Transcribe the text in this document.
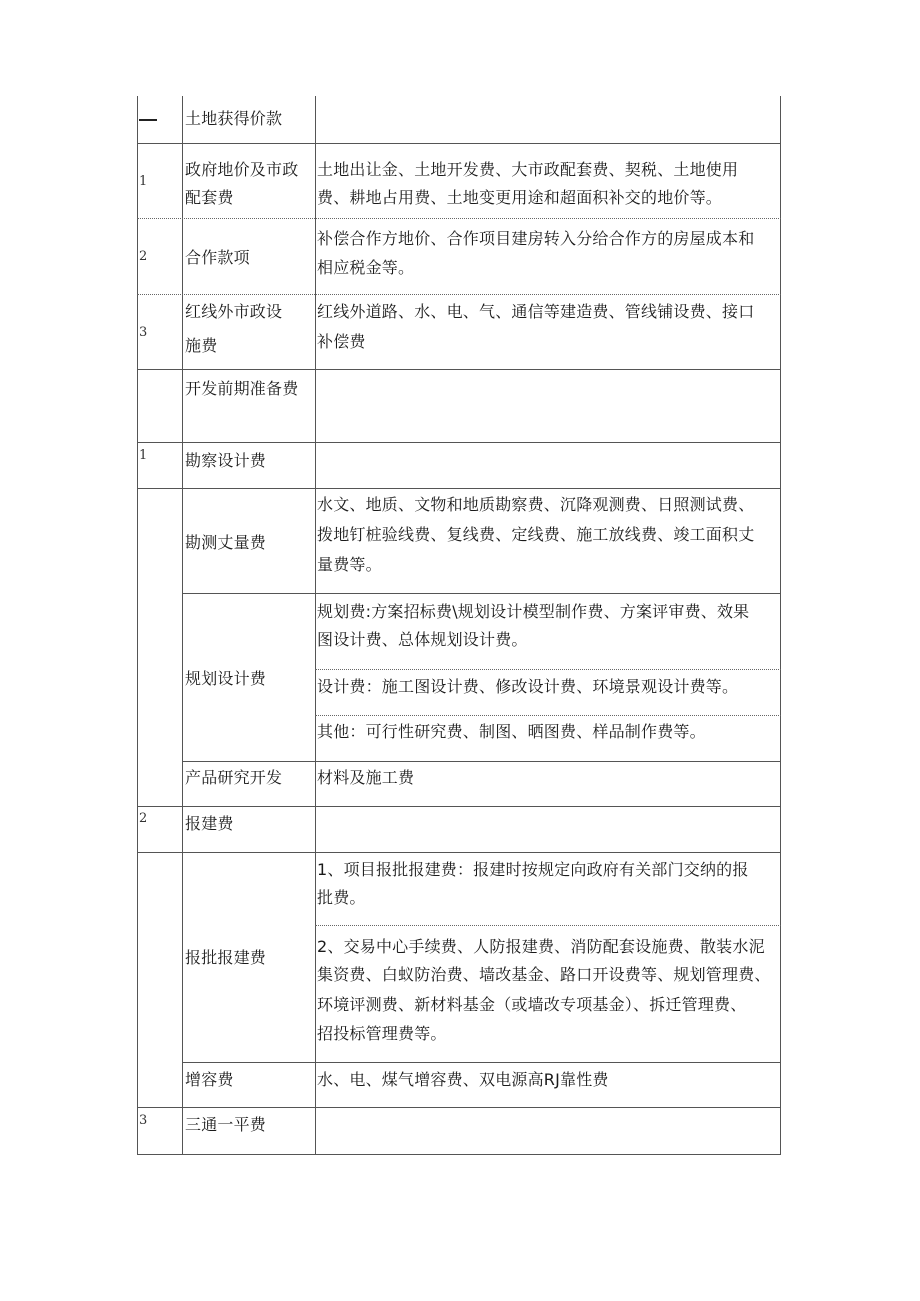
土地获得价款
1
政府地价及市政
配套费
土地出让金、土地开发费、大市政配套费、契税、土地使用
费、耕地占用费、土地变更用途和超面积补交的地价等。
2 合作款项
补偿合作方地价、合作项目建房转入分给合作方的房屋成本和
相应税金等。
3
红线外市政设
施费
红线外道路、水、电、气、通信等建造费、管线铺设费、接口
补偿费
开发前期准备费
1 勘察设计费
勘测丈量费
水文、地质、文物和地质勘察费、沉降观测费、日照测试费、
拨地钉桩验线费、复线费、定线费、施工放线费、竣工面积丈
量费等。
规划设计费
规划费:方案招标费\规划设计模型制作费、方案评审费、效果
图设计费、总体规划设计费。
设计费：施工图设计费、修改设计费、环境景观设计费等。
其他：可行性研究费、制图、晒图费、样品制作费等。
产品研究开发 材料及施工费
2 报建费
报批报建费
1、项目报批报建费：报建时按规定向政府有关部门交纳的报
批费。
2、交易中心手续费、人防报建费、消防配套设施费、散装水泥
集资费、白蚁防治费、墙改基金、路口开设费等、规划管理费、
环境评测费、新材料基金（或墙改专项基金）、拆迁管理费、
招投标管理费等。
增容费	水、电、煤气增容费、双电源高RJ靠性费
3 三通一平费
